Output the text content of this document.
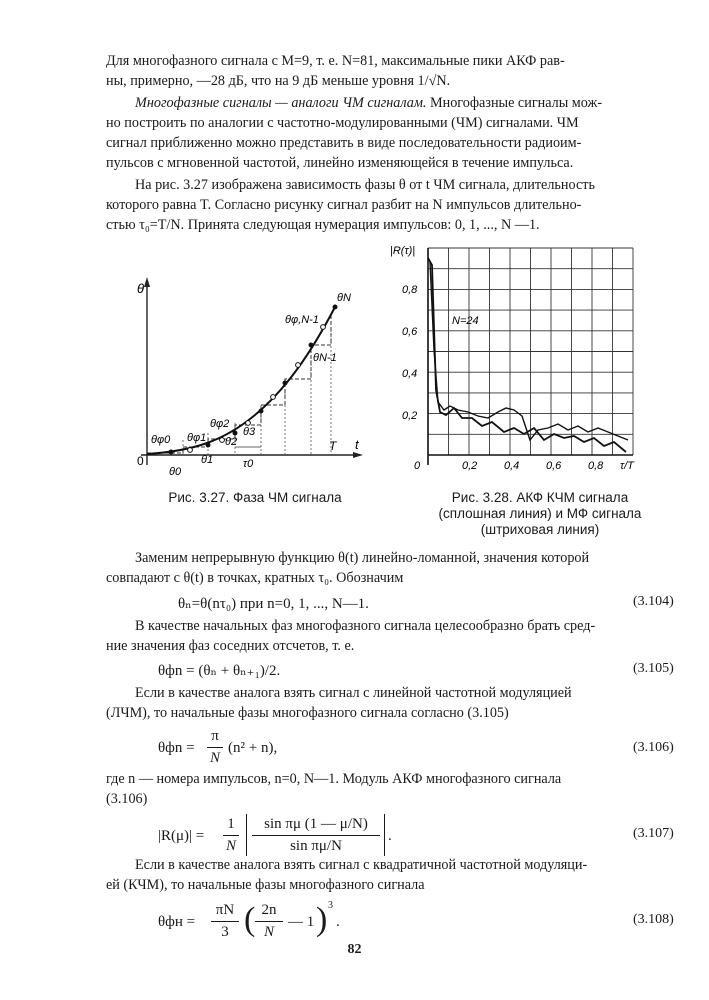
Для многофазного сигнала с M=9, т. е. N=81, максимальные пики АКФ рав-
ны, примерно, —28 дБ, что на 9 дБ меньше уровня 1/√N.
Многофазные сигналы — аналоги ЧМ сигналам. Многофазные сигналы мож-
но построить по аналогии с частотно-модулированными (ЧМ) сигналами. ЧМ
сигнал приближенно можно представить в виде последовательности радиоим-
пульсов с мгновенной частотой, линейно изменяющейся в течение импульса.
На рис. 3.27 изображена зависимость фазы θ от t ЧМ сигнала, длительность
которого равна T. Согласно рисунку сигнал разбит на N импульсов длительно-
стью τ₀=T/N. Принята следующая нумерация импульсов: 0, 1, ..., N —1.
θ
t
0
T
τ0
θN
θφ,N-1
θN-1
θ3
θφ2
θ2
θφ1
θ1
θφ0
θ0
Рис. 3.27. Фаза ЧМ сигнала
|R(τ)|
0,8
0,6
0,4
0,2
0	0,2 0,4 0,6 0,8 τ/T
N=24
Рис. 3.28. АКФ КЧМ сигнала
(сплошная линия) и МФ сигнала
(штриховая линия)
Заменим непрерывную функцию θ(t) линейно-ломанной, значения которой
совпадают с θ(t) в точках, кратных τ₀. Обозначим
θₙ=θ(nτ₀) при n=0, 1, ..., N—1.	(3.104)
В качестве начальных фаз многофазного сигнала целесообразно брать сред-
ние значения фаз соседних отсчетов, т. е.
θфn = (θₙ + θₙ₊₁)/2.	(3.105)
Если в качестве аналога взять сигнал с линейной частотной модуляцией
(ЛЧМ), то начальные фазы многофазного сигнала согласно (3.105)
θфn =
π
N
(n² + n),	(3.106)
где n — номера импульсов, n=0, N—1. Модуль АКФ многофазного сигнала
(3.106)
|R(μ)| =
1
N
sin πμ (1 — μ/N)
sin πμ/N
.	(3.107)
Если в качестве аналога взять сигнал с квадратичной частотной модуляци-
ей (КЧМ), то начальные фазы многофазного сигнала
θфн =
πN
3 ( 2n
N
— 1 ) 3
.	(3.108)
82
